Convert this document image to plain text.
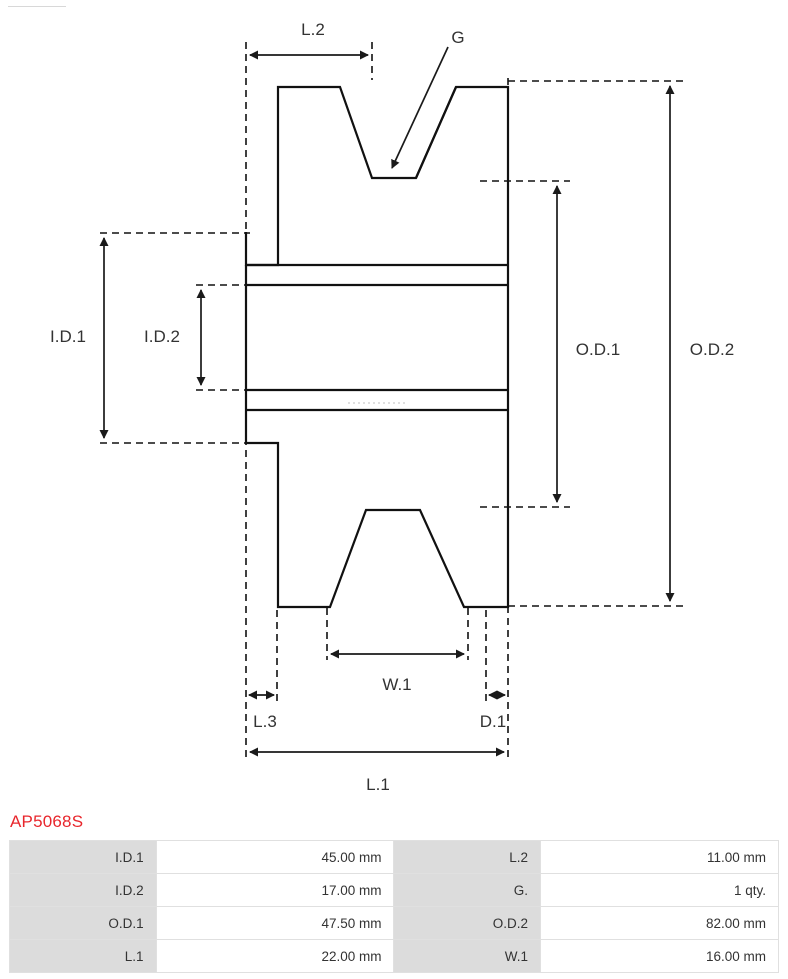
L.2	G
O.D.2
O.D.1
I.D.1	I.D.2
W.1
L.3	D.1
L.1
AP5068S
I.D.1	45.00 mm	L.2	11.00 mm
I.D.2	17.00 mm	G.	1 qty.
O.D.1	47.50 mm	O.D.2	82.00 mm
L.1	22.00 mm	W.1	16.00 mm
